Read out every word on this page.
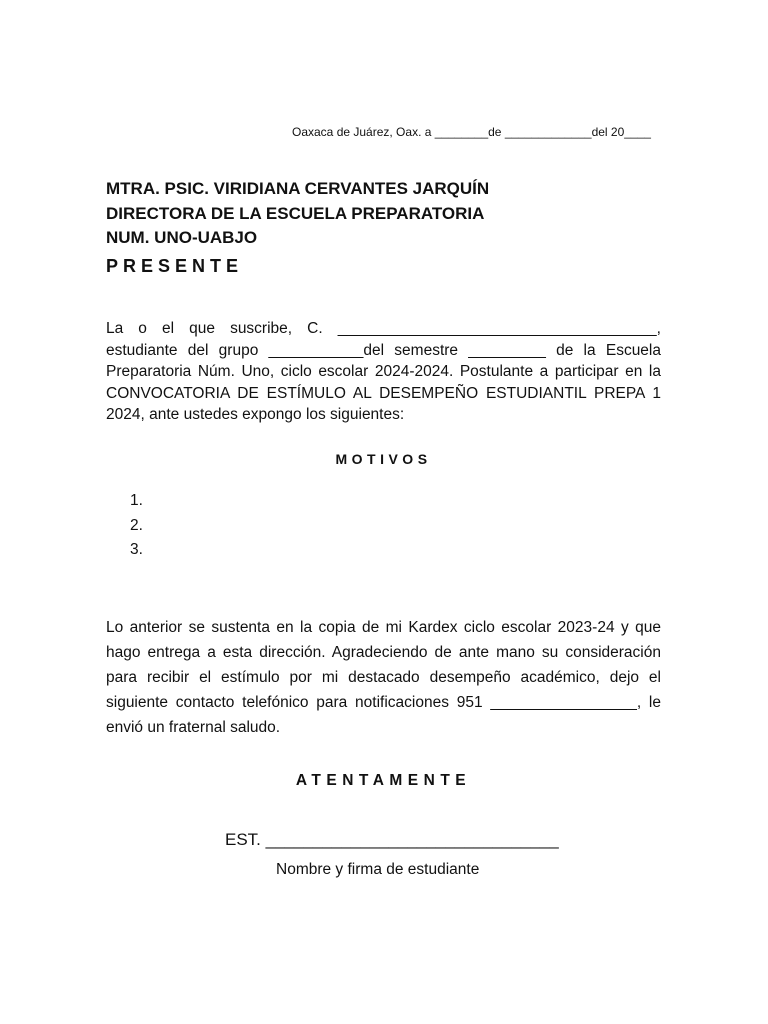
Oaxaca de Juárez, Oax. a ________de _____________del 20____
MTRA. PSIC. VIRIDIANA CERVANTES JARQUÍN
DIRECTORA DE LA ESCUELA PREPARATORIA
NUM. UNO-UABJO
PRESENTE
La o el que suscribe, C. _____________________________________, estudiante del grupo ___________del semestre _________ de la Escuela Preparatoria Núm. Uno, ciclo escolar 2024-2024. Postulante a participar en la CONVOCATORIA DE ESTÍMULO AL DESEMPEÑO ESTUDIANTIL PREPA 1 2024, ante ustedes expongo los siguientes:
MOTIVOS
1.
2.
3.
Lo anterior se sustenta en la copia de mi Kardex ciclo escolar 2023-24 y que hago entrega a esta dirección. Agradeciendo de ante mano su consideración para recibir el estímulo por mi destacado desempeño académico, dejo el siguiente contacto telefónico para notificaciones 951 _________________, le envió un fraternal saludo.
ATENTAMENTE
EST. _______________________________
Nombre y firma de estudiante
